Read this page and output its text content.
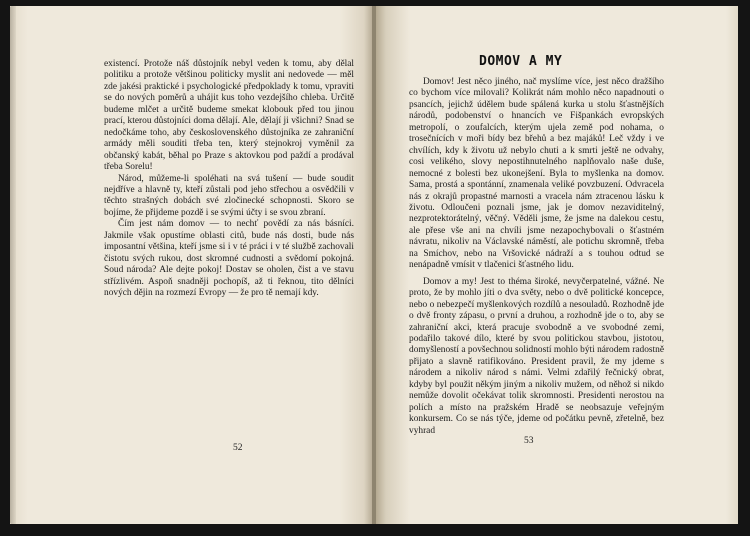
existencí. Protože náš důstojník nebyl veden k tomu, aby dělal politiku a protože většinou politicky myslit ani nedovede — měl zde jakési praktické i psychologické předpoklady k tomu, vpraviti se do nových poměrů a uhájit kus toho vezdejšího chleba. Určitě budeme mlčet a určitě budeme smekat klobouk před tou jinou prací, kterou důstojníci doma dělají. Ale, dělají ji všichni? Snad se nedočkáme toho, aby československého důstojníka ze zahraniční armády měli souditi třeba ten, který stejnokroj vyměnil za občanský kabát, běhal po Praze s aktovkou pod paždí a prodával třeba Sorelu!

Národ, můžeme-li spoléhati na svá tušení — bude soudit nejdříve a hlavně ty, kteří zůstali pod jeho střechou a osvědčili v těchto strašných dobách své zločinecké schopnosti. Skoro se bojíme, že přijdeme pozdě i se svými účty i se svou zbraní.

Čím jest nám domov — to nechť povědí za nás básníci. Jakmile však opustíme oblasti citů, bude nás dosti, bude nás imposantní většina, kteří jsme si i v té práci i v té službě zachovali čistotu svých rukou, dost skromné cudnosti a svědomí pokojná. Soud národa? Ale dejte pokoj! Dostav se oholen, čist a ve stavu střízlivém. Aspoň snadněji pochopíš, až ti řeknou, tito dělníci nových dějin na rozmezí Evropy — že pro tě nemají kdy.

52
DOMOV A MY

Domov! Jest něco jiného, nač myslíme více, jest něco dražšího co bychom více milovali? Kolikrát nám mohlo něco napadnouti o psancích, jejichž údělem bude spálená kurka u stolu šťastnějších národů, podobenství o hnancích ve Fišpankách evropských metropolí, o zoufalcích, kterým ujela země pod nohama, o trosečnících v moři bídy bez břehů a bez majáků! Leč vždy i ve chvílích, kdy k životu už nebylo chuti a k smrti ještě ne odvahy, cosi velikého, slovy nepostihnutelného naplňovalo naše duše, nemocné z bolesti bez ukonejšení. Byla to myšlenka na domov. Sama, prostá a spontánní, znamenala veliké povzbuzení. Odvracela nás z okrajů propastné marnosti a vracela nám ztracenou lásku k životu. Odloučeni poznali jsme, jak je domov nezaviditelný, nezprotektorátelný, věčný. Věděli jsme, že jsme na dalekou cestu, ale přese vše ani na chvíli jsme nezapochybovali o šťastném návratu, nikoliv na Václavské náměstí, ale potichu skromně, třeba na Smíchov, nebo na Vršovické nádraží a s touhou odtud se nenápadně vmísit v tlačenici šťastného lidu.

Domov a my! Jest to théma široké, nevyčerpatelné, vážné. Ne proto, že by mohlo jíti o dva světy, nebo o dvě politické koncepce, nebo o nebezpečí myšlenkových rozdílů a nesouladů. Rozhodně jde o dvě fronty zápasu, o první a druhou, a rozhodně jde o to, aby se zahraniční akci, která pracuje svobodně a ve svobodné zemi, podařilo takové dílo, které by svou politickou stavbou, jistotou, domyšleností a povšechnou solidností mohlo býti národem radostně přijato a slavně ratifikováno. President pravil, že my jdeme s národem a nikoliv národ s námi. Velmi zdařilý řečnický obrat, kdyby byl použit někým jiným a nikoliv mužem, od něhož si nikdo nemůže dovolit očekávat tolik skromnosti. Presidenti nerostou na polích a místo na pražském Hradě se neobsazuje veřejným konkursem. Co se nás týče, jdeme od počátku pevně, zřetelně, bez vyhrad

53
